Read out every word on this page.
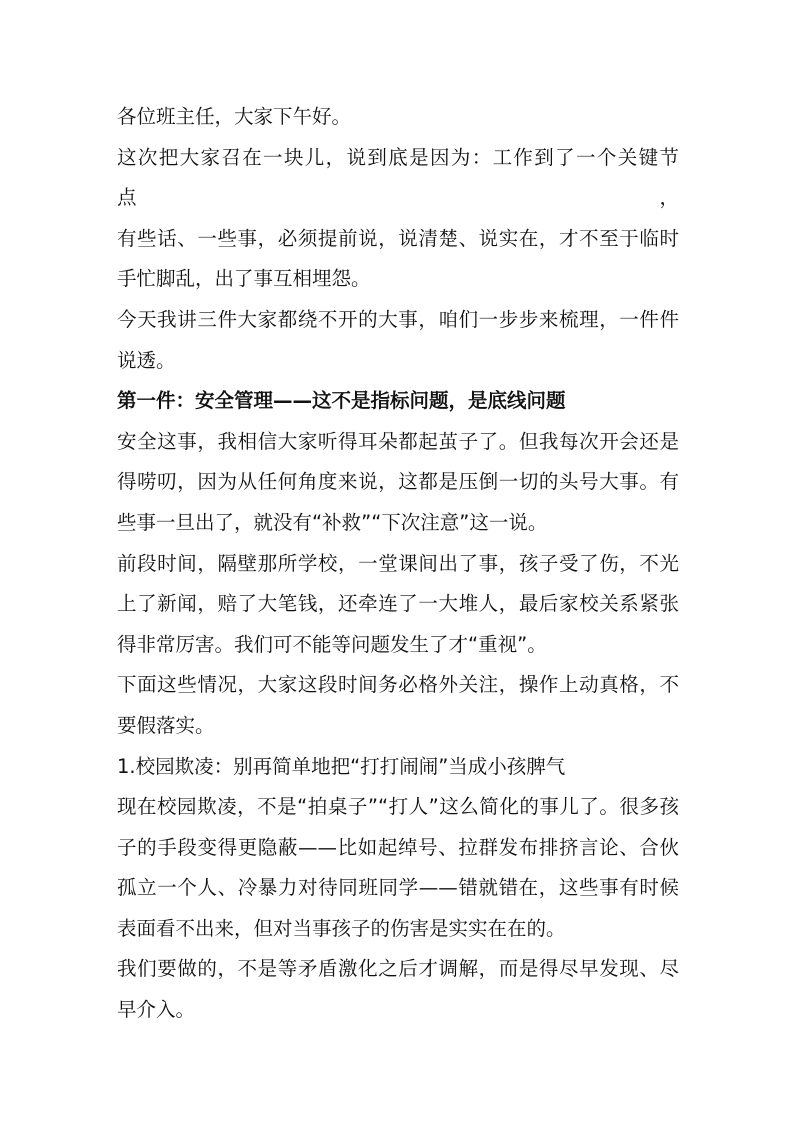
各位班主任，大家下午好。
这次把大家召在一块儿，说到底是因为：工作到了一个关键节点，
有些话、一些事，必须提前说，说清楚、说实在，才不至于临时
手忙脚乱，出了事互相埋怨。
今天我讲三件大家都绕不开的大事，咱们一步步来梳理，一件件
说透。
第一件：安全管理——这不是指标问题，是底线问题
安全这事，我相信大家听得耳朵都起茧子了。但我每次开会还是
得唠叨，因为从任何角度来说，这都是压倒一切的头号大事。有
些事一旦出了，就没有“补救”“下次注意”这一说。
前段时间，隔壁那所学校，一堂课间出了事，孩子受了伤，不光
上了新闻，赔了大笔钱，还牵连了一大堆人，最后家校关系紧张
得非常厉害。我们可不能等问题发生了才“重视”。
下面这些情况，大家这段时间务必格外关注，操作上动真格，不
要假落实。
1.校园欺凌：别再简单地把“打打闹闹”当成小孩脾气
现在校园欺凌，不是“拍桌子”“打人”这么简化的事儿了。很多孩
子的手段变得更隐蔽——比如起绰号、拉群发布排挤言论、合伙
孤立一个人、冷暴力对待同班同学——错就错在，这些事有时候
表面看不出来，但对当事孩子的伤害是实实在在的。
我们要做的，不是等矛盾激化之后才调解，而是得尽早发现、尽
早介入。
